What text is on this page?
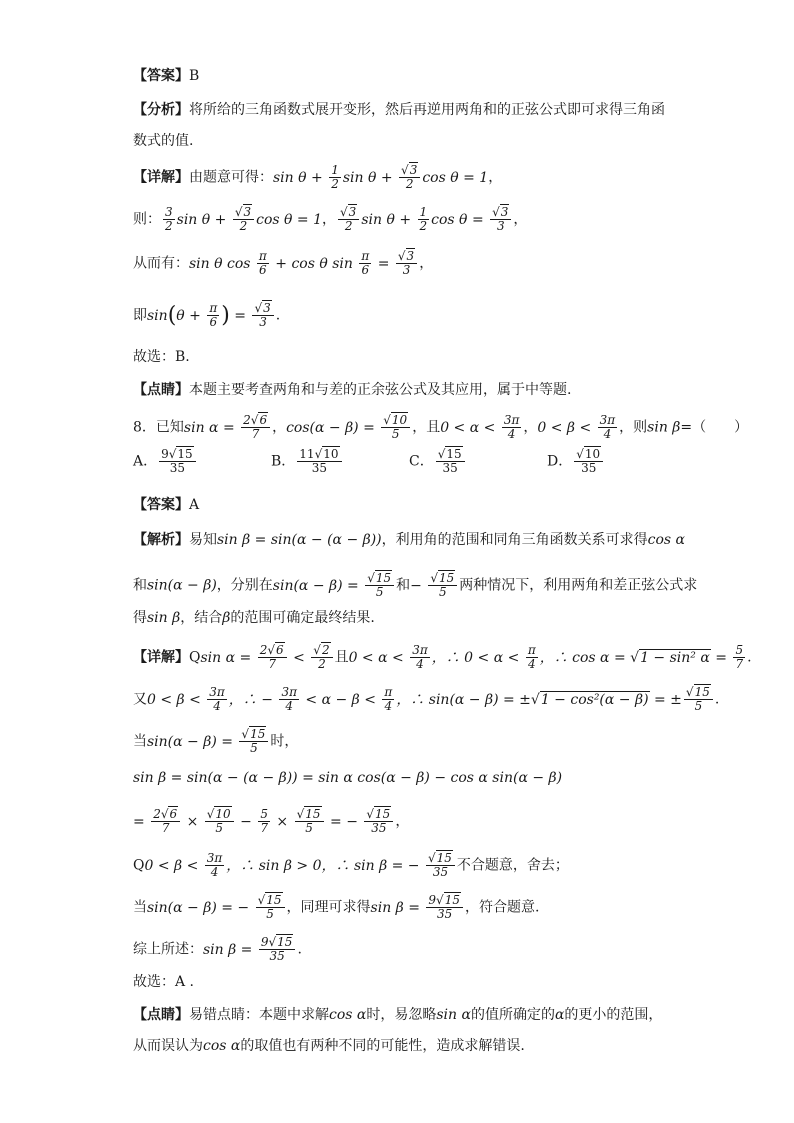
【答案】B
【分析】将所给的三角函数式展开变形，然后再逆用两角和的正弦公式即可求得三角函
数式的值.
【详解】由题意可得：$\sin \theta + \frac{1}{2}$ $\sin \theta + \frac{√3}{2}$ cos θ = 1，
则： $\frac{3}{2}$ $\sin \theta + \frac{√3}{2}$ cos θ = 1， $\frac{√3}{2}$ $\sin \theta + \frac{1}{2}$ $\cos \theta = \frac{√3}{3}$ ，
从而有：sin θ $\cos \frac{\pi}{6} + \cos \theta$ $\sin \frac{\pi}{6} = \frac{√3}{3}$ ，
即$\sin(\theta + \frac{\pi}{6}$ ) = $\frac{√3}{3}$ .
故选：B.
【点睛】本题主要考查两角和与差的正余弦公式及其应用，属于中等题.
8．已知$\sin \alpha = \frac{2√6}{7}$ ，$\cos(\alpha - \beta) = \frac{√10}{5}$ ，且$0 < \alpha < \frac{3\pi}{4}$ ，$0 < \beta < \frac{3\pi}{4}$ ，则sin β=（　　）
A． $\frac{9√15}{35}$	B． $\frac{11√10}{35}$	C． $\frac{√15}{35}$	D． $\frac{√10}{35}$
【答案】A
【解析】易知sin β = sin(α − (α − β))，利用角的范围和同角三角函数关系可求得cos α
和sin(α − β)，分别在$\sin(\alpha - \beta) = \frac{√15}{5}$ 和− $\frac{√15}{5}$ 两种情况下，利用两角和差正弦公式求
得sin β，结合β的范围可确定最终结果.
【详解】Qsin $\alpha = \frac{2√6}{7} < \frac{√2}{2}$ 且$0 < \alpha < \frac{3\pi}{4}$ ，∴ $0 < \alpha < \frac{\pi}{4}$ ，∴ cos α = √1 − sin² $\alpha = \frac{5}{7}$ .
又$0 < \beta < \frac{3\pi}{4}$ ，∴ − $\frac{3\pi}{4} < \alpha - \beta < \frac{\pi}{4}$ ，∴ sin(α − β) = ±√1 − cos²(α − β) = ± $\frac{√15}{5}$ .
当$\sin(\alpha - \beta) = \frac{√15}{5}$ 时，
sin β = sin(α − (α − β)) = sin α cos(α − β) − cos α sin(α − β)
= $\frac{2√6}{7} \times \frac{√10}{5} - \frac{5}{7} \times \frac{√15}{5}$ = − $\frac{√15}{35}$ ，
$Q0 < \beta < \frac{3\pi}{4}$ ，∴ sin β > 0，∴ sin β = − $\frac{√15}{35}$ 不合题意，舍去；
当sin(α − β) = − $\frac{√15}{5}$ ，同理可求得$\sin \beta = \frac{9√15}{35}$ ，符合题意.
综上所述：$\sin \beta = \frac{9√15}{35}$ .
故选：A .
【点睛】易错点睛：本题中求解cos α时，易忽略sin α的值所确定的α的更小的范围，
从而误认为cos α的取值也有两种不同的可能性，造成求解错误.
